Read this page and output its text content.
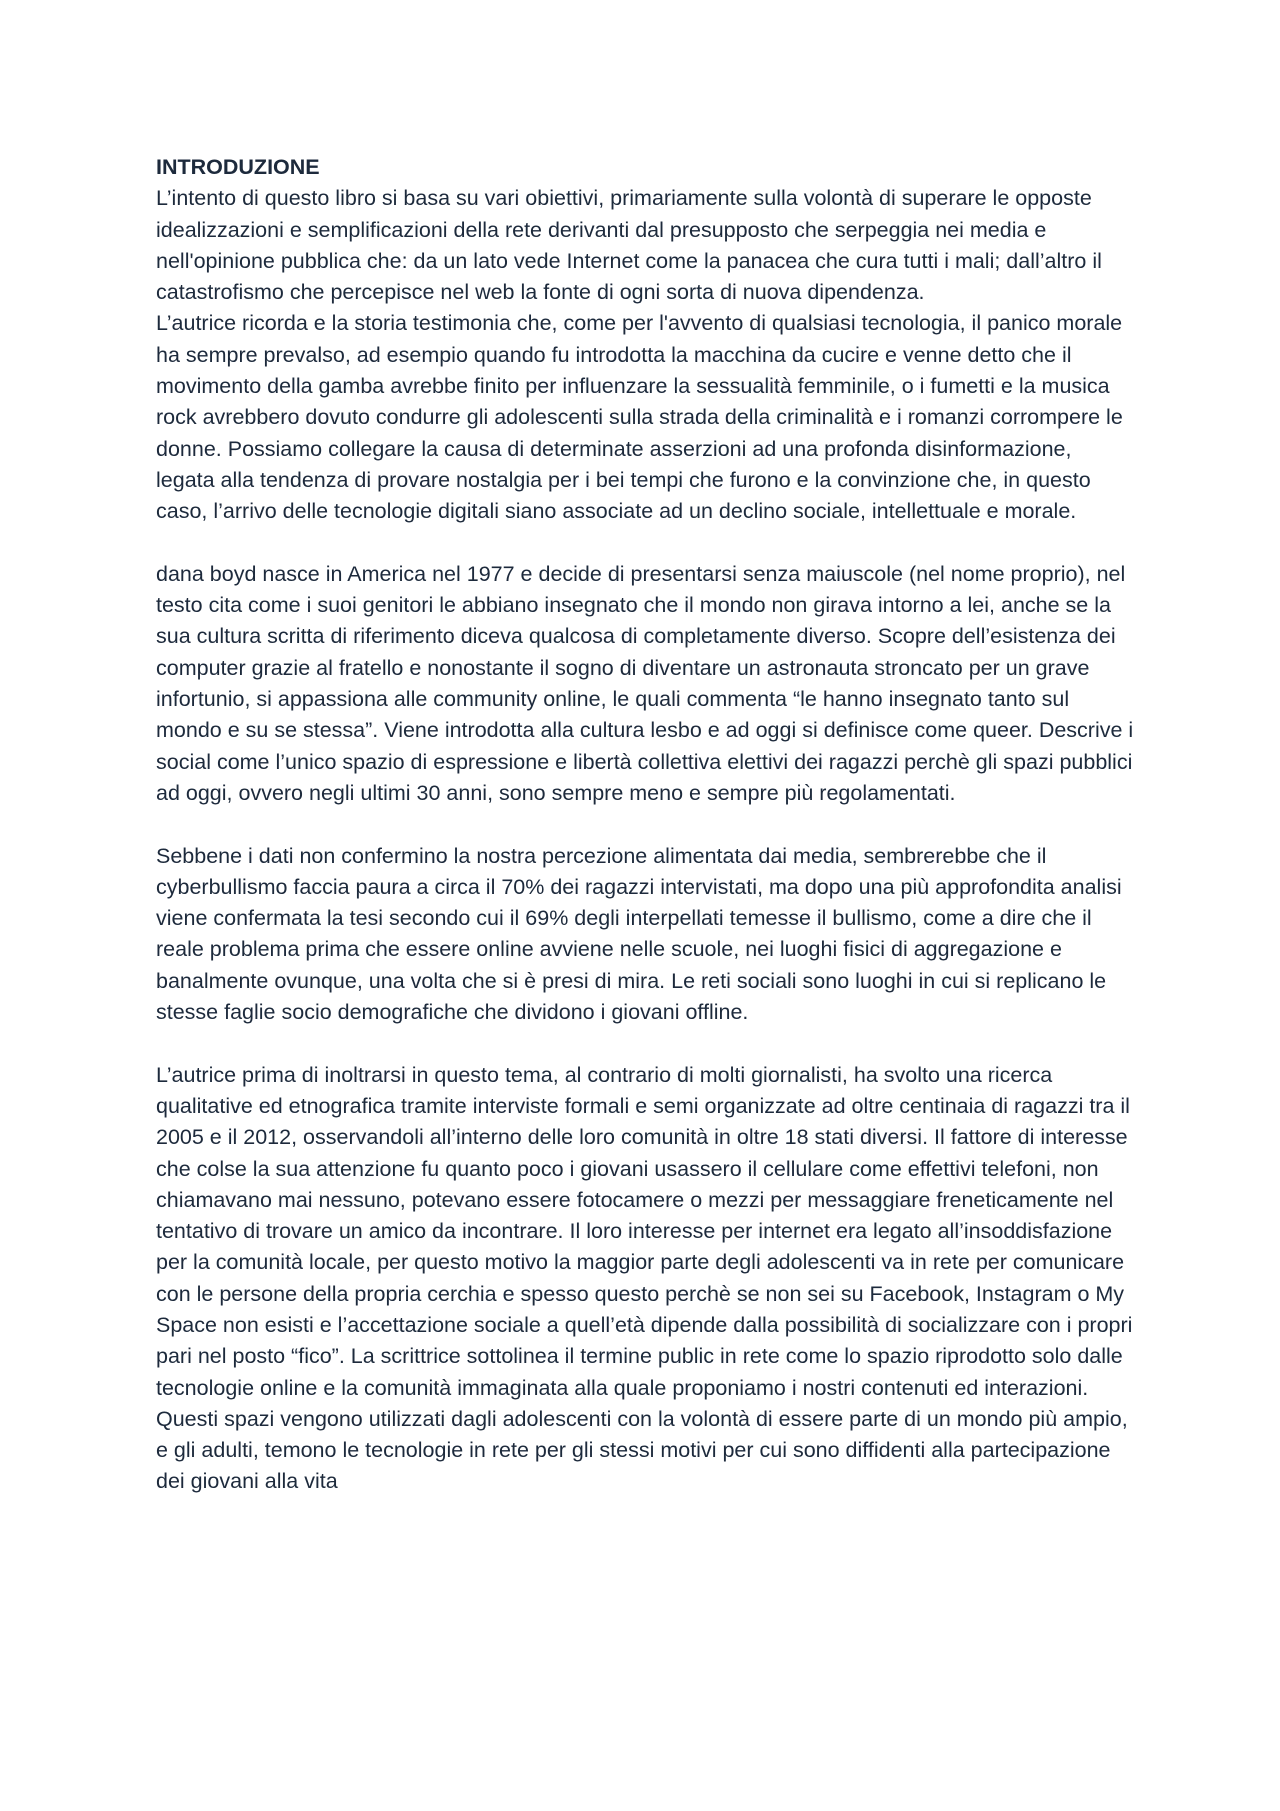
INTRODUZIONE

L’intento di questo libro si basa su vari obiettivi, primariamente sulla volontà di superare le opposte idealizzazioni e semplificazioni della rete derivanti dal presupposto che serpeggia nei media e nell'opinione pubblica che: da un lato vede Internet come la panacea che cura tutti i mali; dall’altro il catastrofismo che percepisce nel web la fonte di ogni sorta di nuova dipendenza.

L’autrice ricorda e la storia testimonia che, come per l'avvento di qualsiasi tecnologia, il panico morale ha sempre prevalso, ad esempio quando fu introdotta la macchina da cucire e venne detto che il movimento della gamba avrebbe finito per influenzare la sessualità femminile, o i fumetti e la musica rock avrebbero dovuto condurre gli adolescenti sulla strada della criminalità e i romanzi corrompere le donne. Possiamo collegare la causa di determinate asserzioni ad una profonda disinformazione, legata alla tendenza di provare nostalgia per i bei tempi che furono e la convinzione che, in questo caso, l’arrivo delle tecnologie digitali siano associate ad un declino sociale, intellettuale e morale.

dana boyd nasce in America nel 1977 e decide di presentarsi senza maiuscole (nel nome proprio), nel testo cita come i suoi genitori le abbiano insegnato che il mondo non girava intorno a lei, anche se la sua cultura scritta di riferimento diceva qualcosa di completamente diverso. Scopre dell’esistenza dei computer grazie al fratello e nonostante il sogno di diventare un astronauta stroncato per un grave infortunio, si appassiona alle community online, le quali commenta “le hanno insegnato tanto sul mondo e su se stessa”. Viene introdotta alla cultura lesbo e ad oggi si definisce come queer. Descrive i social come l’unico spazio di espressione e libertà collettiva elettivi dei ragazzi perchè gli spazi pubblici ad oggi, ovvero negli ultimi 30 anni, sono sempre meno e sempre più regolamentati.

Sebbene i dati non confermino la nostra percezione alimentata dai media, sembrerebbe che il cyberbullismo faccia paura a circa il 70% dei ragazzi intervistati, ma dopo una più approfondita analisi viene confermata la tesi secondo cui il 69% degli interpellati temesse il bullismo, come a dire che il reale problema prima che essere online avviene nelle scuole, nei luoghi fisici di aggregazione e banalmente ovunque, una volta che si è presi di mira. Le reti sociali sono luoghi in cui si replicano le stesse faglie socio demografiche che dividono i giovani offline.

L’autrice prima di inoltrarsi in questo tema, al contrario di molti giornalisti, ha svolto una ricerca qualitative ed etnografica tramite interviste formali e semi organizzate ad oltre centinaia di ragazzi tra il 2005 e il 2012, osservandoli all’interno delle loro comunità in oltre 18 stati diversi. Il fattore di interesse che colse la sua attenzione fu quanto poco i giovani usassero il cellulare come effettivi telefoni, non chiamavano mai nessuno, potevano essere fotocamere o mezzi per messaggiare freneticamente nel tentativo di trovare un amico da incontrare. Il loro interesse per internet era legato all’insoddisfazione per la comunità locale, per questo motivo la maggior parte degli adolescenti va in rete per comunicare con le persone della propria cerchia e spesso questo perchè se non sei su Facebook, Instagram o My Space non esisti e l’accettazione sociale a quell’età dipende dalla possibilità di socializzare con i propri pari nel posto “fico”. La scrittrice sottolinea il termine public in rete come lo spazio riprodotto solo dalle tecnologie online e la comunità immaginata alla quale proponiamo i nostri contenuti ed interazioni. Questi spazi vengono utilizzati dagli adolescenti con la volontà di essere parte di un mondo più ampio, e gli adulti, temono le tecnologie in rete per gli stessi motivi per cui sono diffidenti alla partecipazione dei giovani alla vita
